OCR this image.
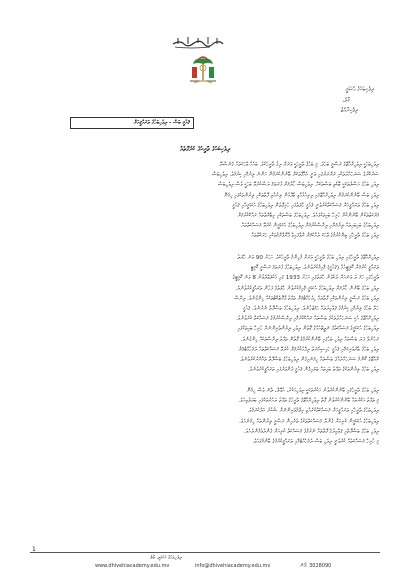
ދިވެހިބަހުގެ އެކަޑަމީ
މާލެ،
ދިވެހިރާއްޖެ
ޤައުމީ ބަސް - ދިވެހިބަހުގެ ތަރައްޤީއަށް
ދިވެހިބަހުގެ ތާރީޚުގެ ކުރުގޮތެއް

ދިވެހިބަހަކީ ދިވެހިރާއްޖޭގެ ރަސްމީ ބަހެވެ. މި ބަހުގެ ތާރީޚަކީ ވަރަށް ދިގު ތާރީޚެކެވެ. ބައެއް ވާހަކަތައް ގެނެސްދޭ

ސަރުކާރުގެ ސަރަހައްދުތަކާއި ރަށްރަށުގައި ވަނީ އެއްގޮތަކަށް ބޭނުންކުރަމުން އަންނަ ލިޔުމާއި ކިޔުމެވެ. ދިވެހިބަސް

ދިވެހި ބަހުގެ އަސްލުތަކަކީ ބޮޑެތި ބަސްތަކެއް. ދިވެހިބަސް ހޯދުމަށް ފުރަތަމަ ދަސްކުރެވޭ ބަހަކީ ވެސް ދިވެހިބަސް

ދިވެހި ބަސް ބޭނުންކުރަމުން ދިވެހިރާއްޖޭގައި ދިރިއުޅުއްވި ބޭފުޅުން ލިޔުއްވި ފޮތްތަކާއި ލިޔުންތަކުގައި ހިމެނޭ

ދިވެހި ބަހުގެ ތަރައްޤީއަށް މަސައްކަތްކުރެވެނީ ޤައުމީ ހާލަތުގައި ހުރިގޮތުން ދިވެހިބަހުގެ އެކަޑަމީއާއި ޤައުމީ

މަރުކަޒުތަކުން ބޭނުންކުރާ ހުރިހާ ބައިތަކުގައެވެ. ދިވެހިބަހުގެ ބަސްތަކާއި ޢިބާރާތްތައް ރައްކާކުރުމަށް

ދިވެހިބަހުގެ ބައިބައިތައް ލިޔުމަށާއި ދިރާސާކުރުމަށް ދިވެހިބަހުގެ އެކަޑަމީން ކުރެވޭ މަސައްކަތްތައް

ދިވެހި ބަހުގެ ތާރީޚާއި ބިނާކުރުމުގެ ވާހަކަ ދެއްކުމަށް ރާވާފައިވާ ޕްރޮގްރާމުތަކާއި ހަރަކާތްތައް

ދިވެހިރާއްޖޭގެ ތާރީޚުގައި ދިވެހި ބަހުގެ ތާރީޚަކީ ވަރަށް މުހިންމު ތާރީޚެކެވެ. އަހަރު 90 ވަނަ ހާލަތު

ތަރައްޤީ ކުރުމަށް ކޮމިޓީއެއް (ޤައުމީ) ޤާއިމުކުރެވުނެވެ. ދިވެހިބަހުގެ ފުރަތަމަ ރަސްމީ ކޮމިޓީ

ތާރީޚުގައި ހަމަ ދެ ވަނައަށް ދެކެވުނު ހާލަތުގައި އަހަރު 1933 ގައި އެކުލަވާލެވުނު 8 ވަނަ ކޮމިޓީގެ

ދިވެހި ބަހުގެ ބޭނުން ހޯދުމަށް ދިވެހިބަހުގެ އެކަޑަމީ ޤާއިމުކުރެވުނު ހާލަތުގެ ފަހުން ތަރައްޤީކުރެވުނެވެ.

ދިވެހި ބަހުގެ ރަސްމީ ލިޔުންތަކާއި ފޮތްތައް ހިފެހެއްޓުމަށް ތަފާތު ޕްރޮޖެކްޓުތަކެއް ހިންގުނެވެ. ދިރާސާ

ހަދާ ބަހުގެ ލިޔުމާއި ކިޔުމުގެ ޤަވާޢިދުތައް ހަމަޖެހުނެވެ. ދިވެހިބަހުގެ ބަސްފޮތް ނެރުނެވެ. ޤައުމީ

ދިވެހިރާއްޖޭގެ އެކި ސަރަހައްދުތަކުގެ ބަސްތައް ރައްކާކުރުމާއި ދިރާސާކުރުމުގެ މަސައްކަތް ކުރެވުނެވެ.

ދިވެހިބަހުގެ އެކަޑަމީގެ މަސައްކަތުގެ ނަތީޖާއެއްގެ ގޮތުން ދިވެހި ލިޔުންތެރިންނަށް ހުރިހާ ބައިތަކުގައި

ރަހުނުވާ ފަދަ ބަސްތައް ދިވެހި ބަހުގައި ބޭނުންކުރުމުގެ ގޮތުން ތަފާތު ދިރާސާތަކެއް ހިންގުނެވެ.

ދިވެހި ބަހުގެ ބާރުވެރިކަމާއި ޤައުމީ ހައިސިއްޔަތު ދިފާޢުކުރުމަށް ކުރެވޭ މަސައްކަތްތައް ދެމެހެއްޓުމަށް

ރާއްޖޭގެ ކޮންމެ ސަރަހައްދެއްގެ ބަސްތައް ހިމަނައިގެން ދިވެހިބަހުގެ ބަސްފޮތް ތައްޔާރުކުރެވުނެވެ.

ދިވެހި ބަހުގެ ލިޔުންތަކުގެ ތަފާތު ބައިތައް ބަލައިގެން ޤައުމީ ފެންވަރުގައި ތަރައްޤީކުރެވުނެވެ.

ދިވެހި ބަހުގެ ތާރީޚުގައި ބޭނުންކުރެވުނު އަކުރުތަކަކީ ދިވެހިއަކުރު، އެވޭލާ، ތާނަ ވެސް ހިމެނޭ

މި ތަފާތު އަކުރުތައް ބޭނުންކުރެވުނު ގޮތް ދިވެހިރާއްޖޭގެ ތާރީޚުގެ ތަފާތު ދައުރުތަކުގައި ބަދަލުވިއެވެ.

ދިވެހިބަހުގެ ތާރީޚާއި ތަރައްޤީއަށް މަސައްކަތްކުރެއްވި ޢިލްމުވެރިންނަށް ޝުކުރު އަދާކުރަމެވެ.

ދިވެހިބަހުގެ އެކަޑަމީން ކުރިއަށް ގެންދާ މަސައްކަތްތަކުގެ ތެރެއިން ރަސްމީ ލިޔުންތައް ހިމެނެއެވެ.

ދިވެހި ބަހުގެ ބަސްފޮތާއި ޤަވާޢިދުގެ ފޮތްތައް ނެރުމުގެ މަސައްކަތް ކުރިއަށް ގެންދެވެމުންދެއެވެ.

މި ހުރިހާ މަސައްކަތެއް ކުރެވެނީ ދިވެހި ބަސް ދެމެހެއްޓުމާއި ތަރައްޤީކުރުމުގެ ބޭނުމުގައެވެ.

1
ދިވެހިބަހުގެ އެކަޑަމީ، މާލެ
www.dhivehiacademy.edu.mv	info@dhivehiacademy.edu.mv	3028090 :ފޯނު
